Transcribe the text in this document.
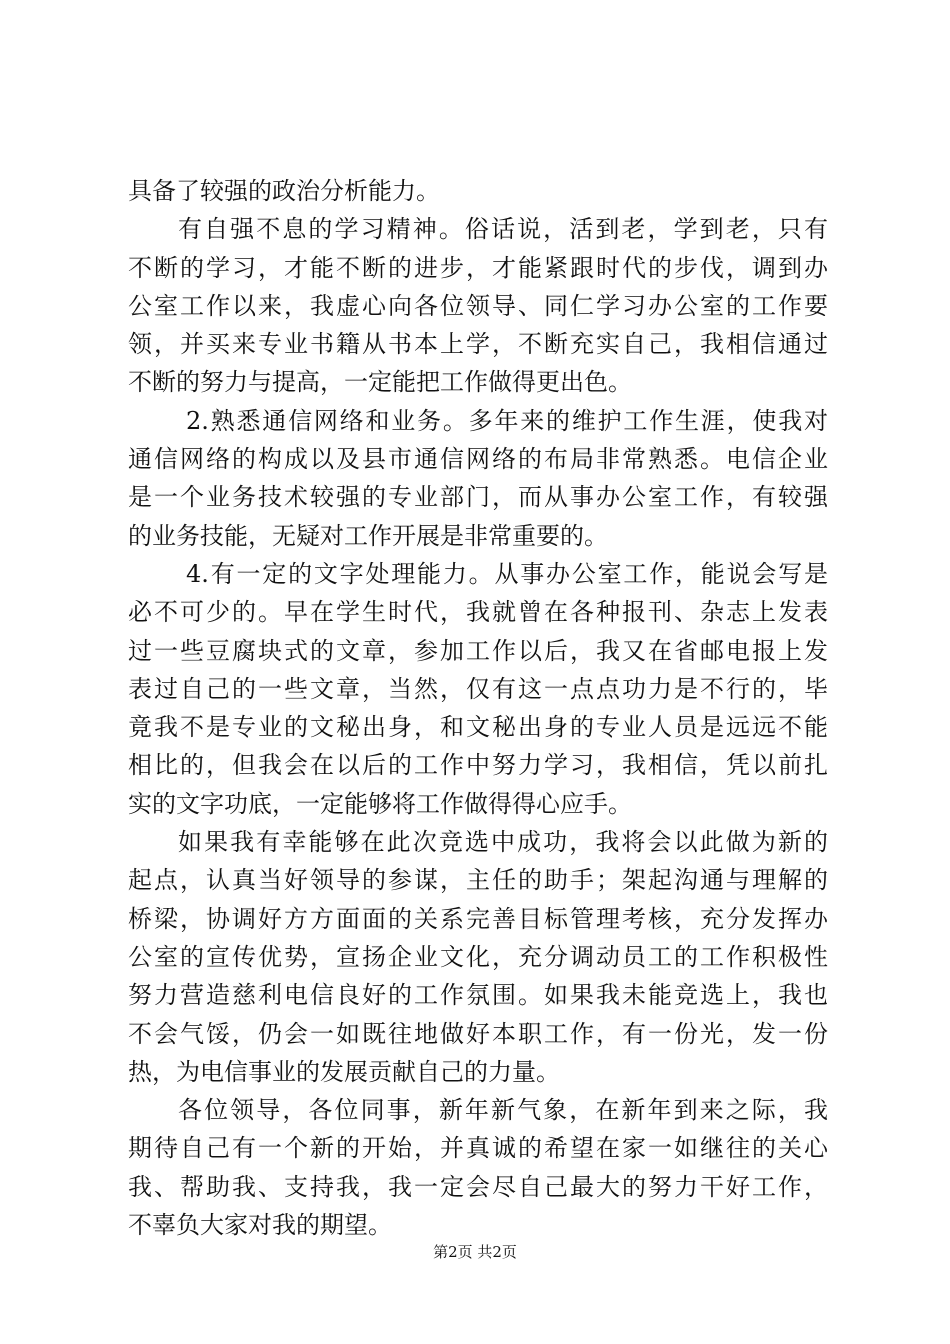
具备了较强的政治分析能力。
有自强不息的学习精神。俗话说，活到老，学到老，只有
不断的学习，才能不断的进步，才能紧跟时代的步伐，调到办
公室工作以来，我虚心向各位领导、同仁学习办公室的工作要
领，并买来专业书籍从书本上学，不断充实自己，我相信通过
不断的努力与提高，一定能把工作做得更出色。
2.熟悉通信网络和业务。多年来的维护工作生涯，使我对
通信网络的构成以及县市通信网络的布局非常熟悉。电信企业
是一个业务技术较强的专业部门，而从事办公室工作，有较强
的业务技能，无疑对工作开展是非常重要的。
4.有一定的文字处理能力。从事办公室工作，能说会写是
必不可少的。早在学生时代，我就曾在各种报刊、杂志上发表
过一些豆腐块式的文章，参加工作以后，我又在省邮电报上发
表过自己的一些文章，当然，仅有这一点点功力是不行的，毕
竟我不是专业的文秘出身，和文秘出身的专业人员是远远不能
相比的，但我会在以后的工作中努力学习，我相信，凭以前扎
实的文字功底，一定能够将工作做得得心应手。
如果我有幸能够在此次竞选中成功，我将会以此做为新的
起点，认真当好领导的参谋，主任的助手；架起沟通与理解的
桥梁，协调好方方面面的关系完善目标管理考核，充分发挥办
公室的宣传优势，宣扬企业文化，充分调动员工的工作积极性
努力营造慈利电信良好的工作氛围。如果我未能竞选上，我也
不会气馁，仍会一如既往地做好本职工作，有一份光，发一份
热，为电信事业的发展贡献自己的力量。
各位领导，各位同事，新年新气象，在新年到来之际，我
期待自己有一个新的开始，并真诚的希望在家一如继往的关心
我、帮助我、支持我，我一定会尽自己最大的努力干好工作，
不辜负大家对我的期望。
第2页 共2页
